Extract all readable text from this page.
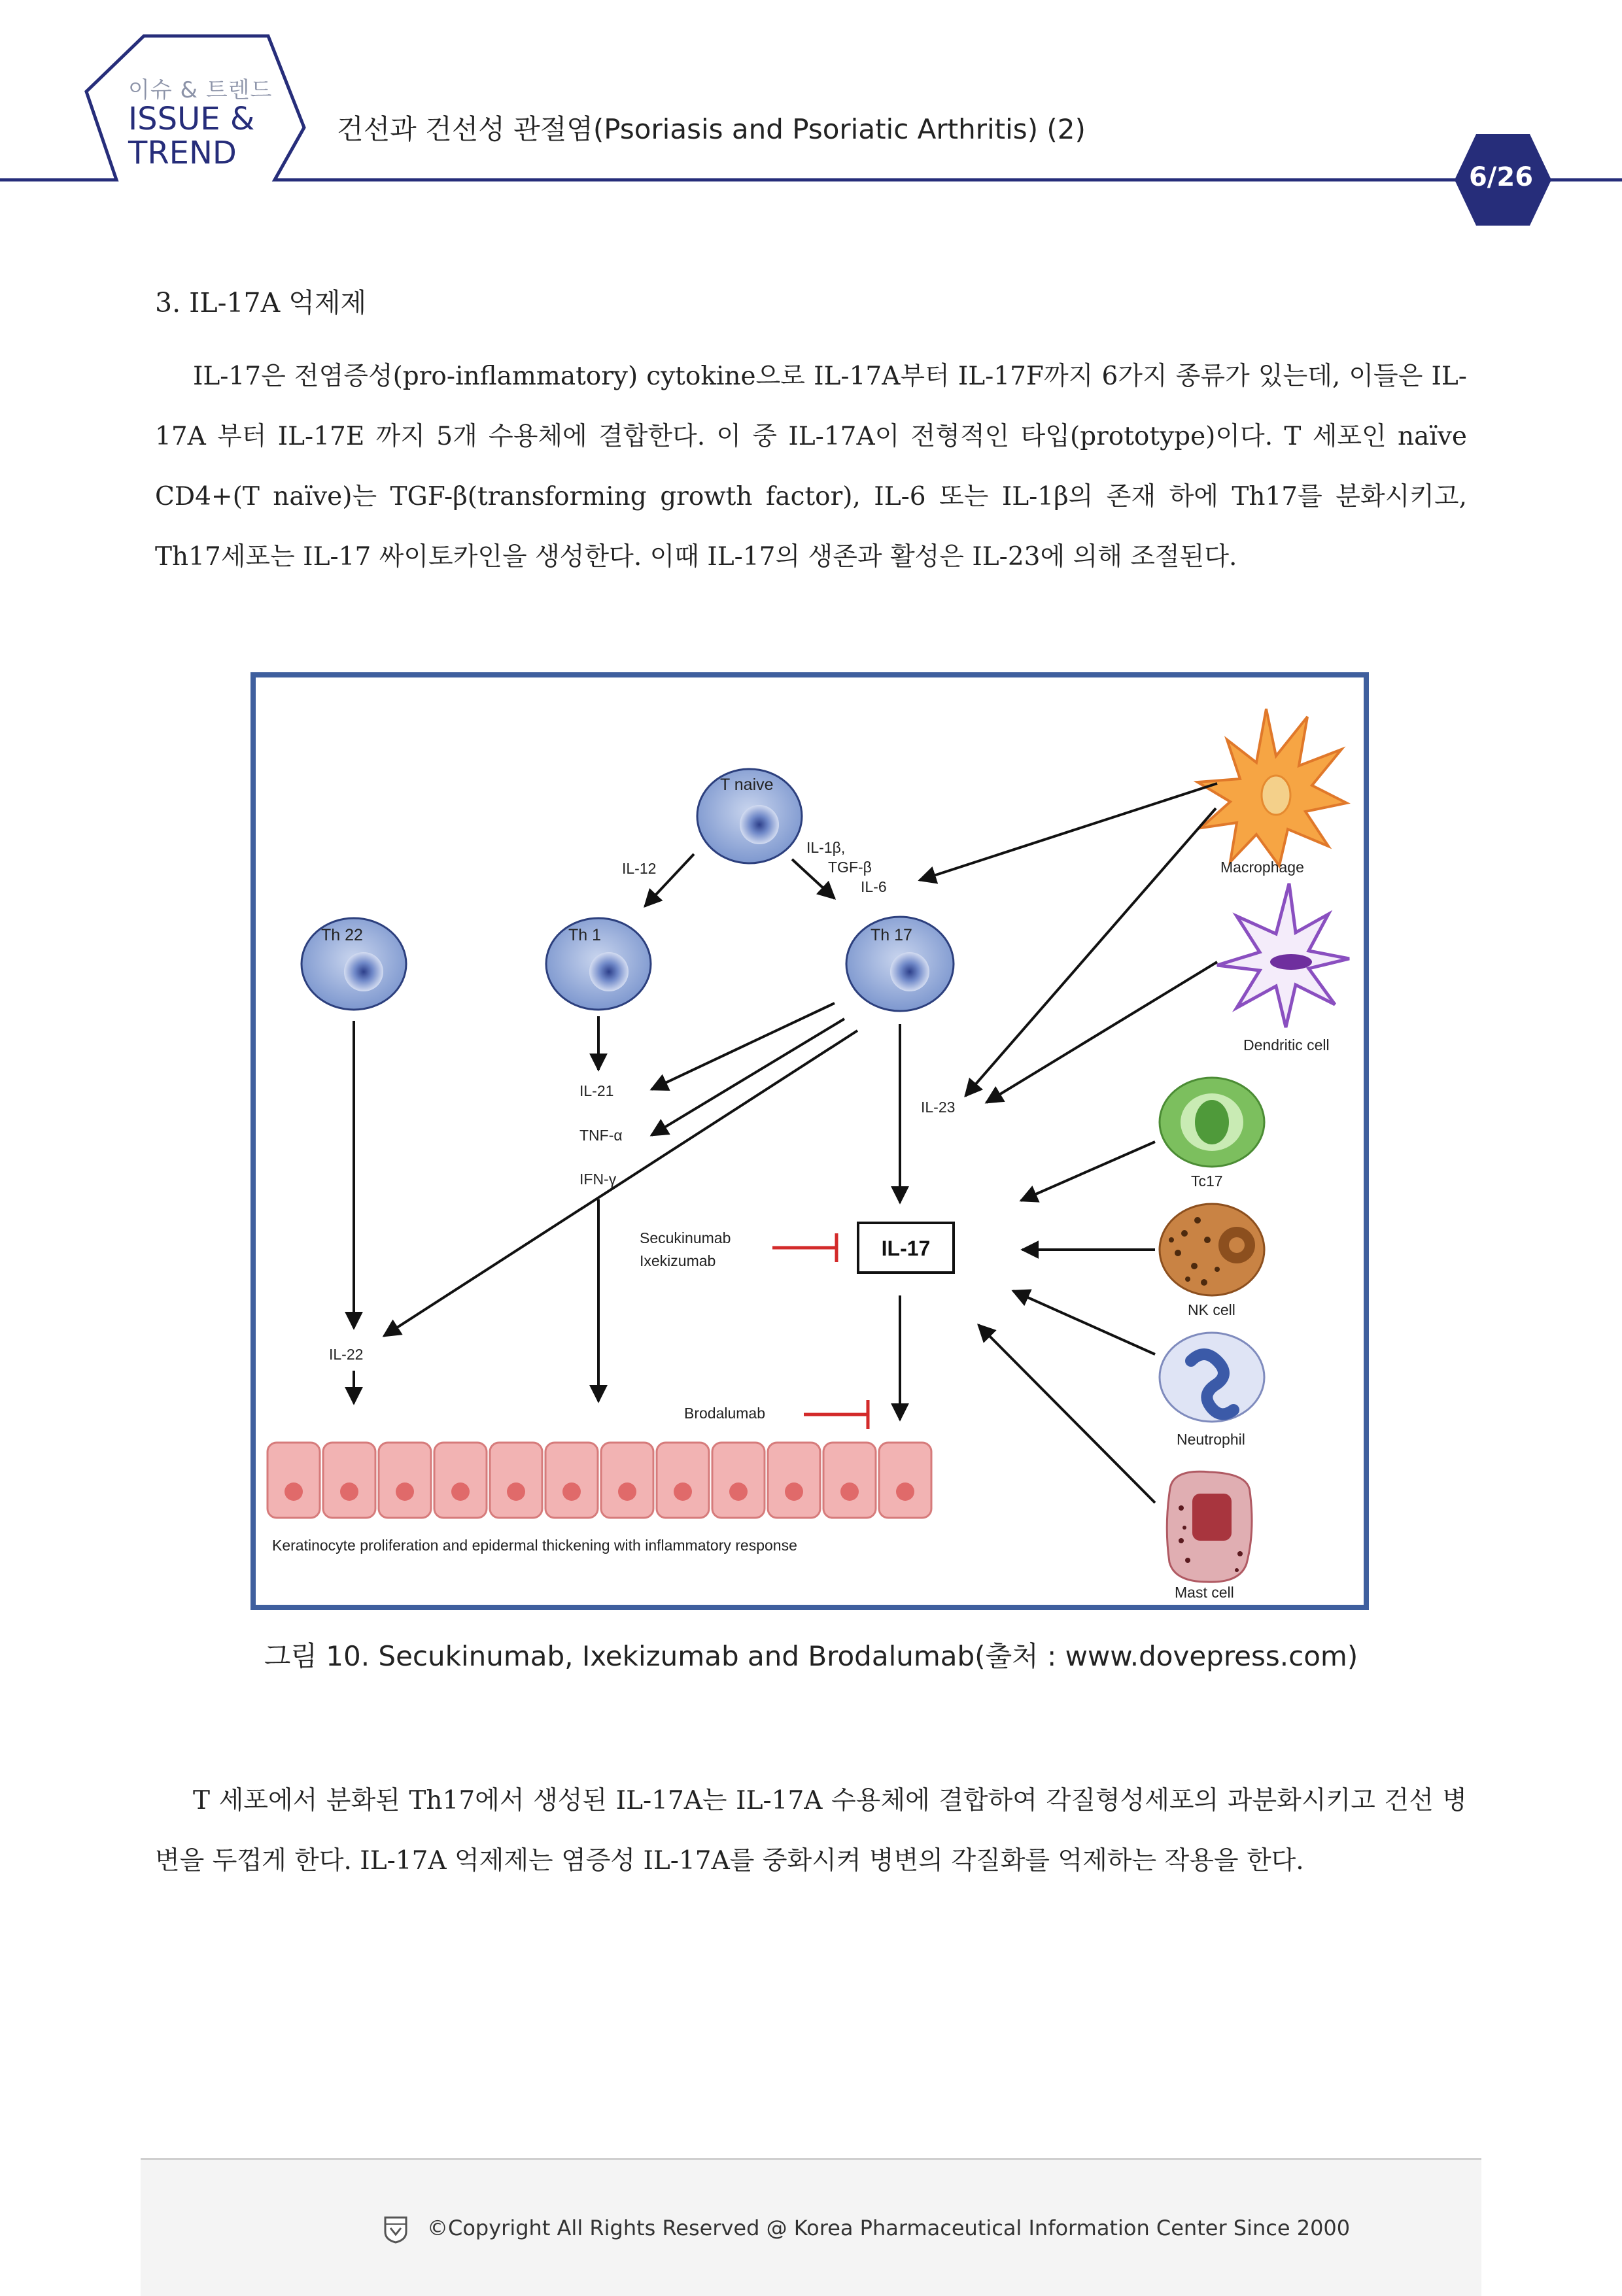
이슈 & 트렌드
ISSUE &
TREND
건선과 건선성 관절염(Psoriasis and Psoriatic Arthritis) (2)
6/26
3. IL-17A 억제제

IL-17은 전염증성(pro-inflammatory) cytokine으로 IL-17A부터 IL-17F까지 6가지 종류가 있는데, 이들은 IL-17A 부터 IL-17E 까지 5개 수용체에 결합한다. 이 중 IL-17A이 전형적인 타입(prototype)이다. T 세포인 naïve CD4+(T naïve)는 TGF-β(transforming growth factor), IL-6 또는 IL-1β의 존재 하에 Th17를 분화시키고, Th17세포는 IL-17 싸이토카인을 생성한다. 이때 IL-17의 생존과 활성은 IL-23에 의해 조절된다.

T naive
Th 22	Th 1	Th 17
Macrophage
Dendritic cell
Tc17
NK cell
Neutrophil
Mast cell
IL-12
IL-1β,
TGF-β
IL-6
IL-21
TNF-α
IFN-γ
IL-23
IL-22
Secukinumab
Ixekizumab
Brodalumab
IL-17
Keratinocyte proliferation and epidermal thickening with inflammatory response
그림 10. Secukinumab, Ixekizumab and Brodalumab(출처 : www.dovepress.com)

T 세포에서 분화된 Th17에서 생성된 IL-17A는 IL-17A 수용체에 결합하여 각질형성세포의 과분화시키고 건선 병변을 두껍게 한다. IL-17A 억제제는 염증성 IL-17A를 중화시켜 병변의 각질화를 억제하는 작용을 한다.

©Copyright All Rights Reserved @ Korea Pharmaceutical Information Center Since 2000
